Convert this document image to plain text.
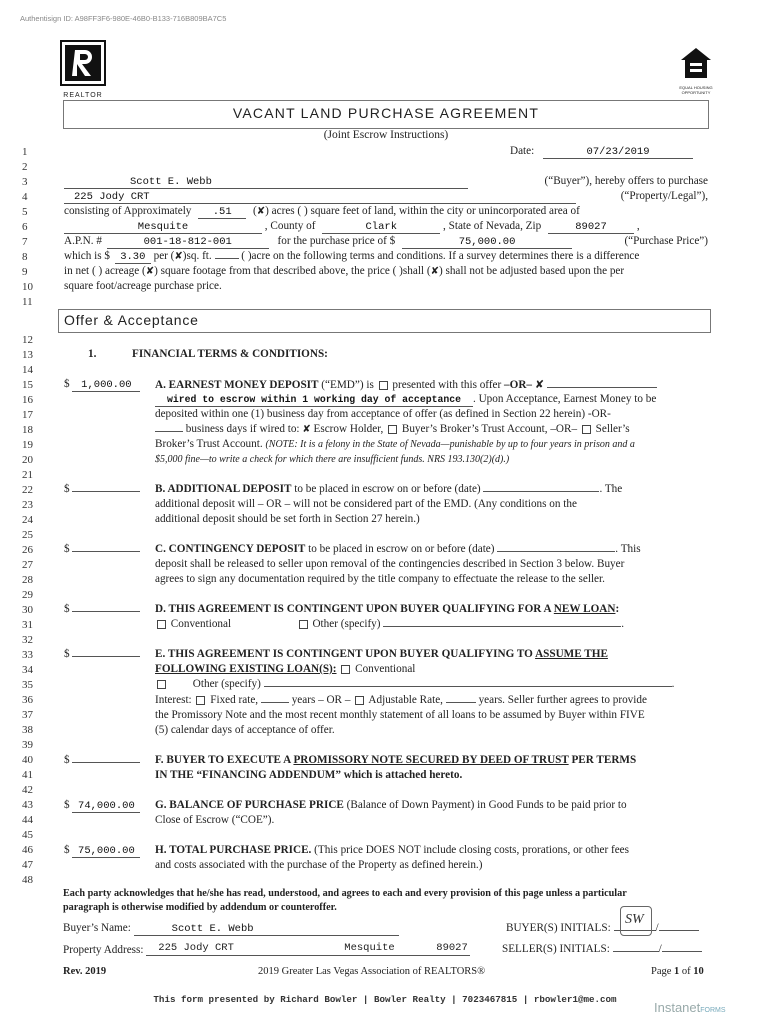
Authentisign ID: A98FF3F6-980E-46B0-B133-716B809BA7C5
REALTOR
EQUAL HOUSING OPPORTUNITY
VACANT LAND PURCHASE AGREEMENT
(Joint Escrow Instructions)
1
2
3
4
5
6
7
8
9
10
11
12
13
14
15
16
17
18
19
20
21
22
23
24
25
26
27
28
29
30
31
32
33
34
35
36
37
38
39
40
41
42
43
44
45
46
47
48
Date:	07/23/2019
Scott E. Webb	(“Buyer”), hereby offers to purchase
225 Jody CRT	(“Property/Legal”),
consisting of Approximately .51 (✘) acres ( ) square feet of land, within the city or unincorporated area of
Mesquite	, County of	Clark	, State of Nevada, Zip	89027	,
A.P.N. #	001-18-812-001	for the purchase price of $	75,000.00	(“Purchase Price”)
which is $ 3.30 per (✘)sq. ft.	( )acre on the following terms and conditions. If a survey determines there is a difference
in net ( ) acreage (✘) square footage from that described above, the price ( )shall (✘) shall not be adjusted based upon the per
square foot/acreage purchase price.
Offer & Acceptance
1.	FINANCIAL TERMS & CONDITIONS:
$ 1,000.00	A. EARNEST MONEY DEPOSIT (“EMD”) is presented with this offer –OR– ✘
wired to escrow within 1 working day of acceptance . Upon Acceptance, Earnest Money to be
deposited within one (1) business day from acceptance of offer (as defined in Section 22 herein) -OR-
business days if wired to: ✘ Escrow Holder, Buyer’s Broker’s Trust Account, –OR– Seller’s
Broker’s Trust Account. (NOTE: It is a felony in the State of Nevada—punishable by up to four years in prison and a
$5,000 fine—to write a check for which there are insufficient funds. NRS 193.130(2)(d).)
$	B. ADDITIONAL DEPOSIT to be placed in escrow on or before (date)	. The
additional deposit will – OR – will not be considered part of the EMD. (Any conditions on the
additional deposit should be set forth in Section 27 herein.)
$	C. CONTINGENCY DEPOSIT to be placed in escrow on or before (date)	. This
deposit shall be released to seller upon removal of the contingencies described in Section 3 below. Buyer
agrees to sign any documentation required by the title company to effectuate the release to the seller.
$	D. THIS AGREEMENT IS CONTINGENT UPON BUYER QUALIFYING FOR A NEW LOAN:
Conventional	Other (specify)	.
$	E. THIS AGREEMENT IS CONTINGENT UPON BUYER QUALIFYING TO ASSUME THE
FOLLOWING EXISTING LOAN(S): Conventional
Other (specify)	.
Interest: Fixed rate,	years – OR – Adjustable Rate,	years. Seller further agrees to provide
the Promissory Note and the most recent monthly statement of all loans to be assumed by Buyer within FIVE
(5) calendar days of acceptance of offer.
$	F. BUYER TO EXECUTE A PROMISSORY NOTE SECURED BY DEED OF TRUST PER TERMS
IN THE “FINANCING ADDENDUM” which is attached hereto.
$ 74,000.00	G. BALANCE OF PURCHASE PRICE (Balance of Down Payment) in Good Funds to be paid prior to
Close of Escrow (“COE”).
$ 75,000.00	H. TOTAL PURCHASE PRICE. (This price DOES NOT include closing costs, prorations, or other fees
and costs associated with the purchase of the Property as defined herein.)
Each party acknowledges that he/she has read, understood, and agrees to each and every provision of this page unless a particular
paragraph is otherwise modified by addendum or counteroffer.
Buyer’s Name:	Scott E. Webb	BUYER(S) INITIALS:	/
SW
Property Address: 225 Jody CRT	Mesquite	89027	SELLER(S) INITIALS:	/
Rev. 2019	2019 Greater Las Vegas Association of REALTORS®	Page 1 of 10
This form presented by Richard Bowler | Bowler Realty | 7023467815 | rbowler1@me.com
InstanetFORMS
